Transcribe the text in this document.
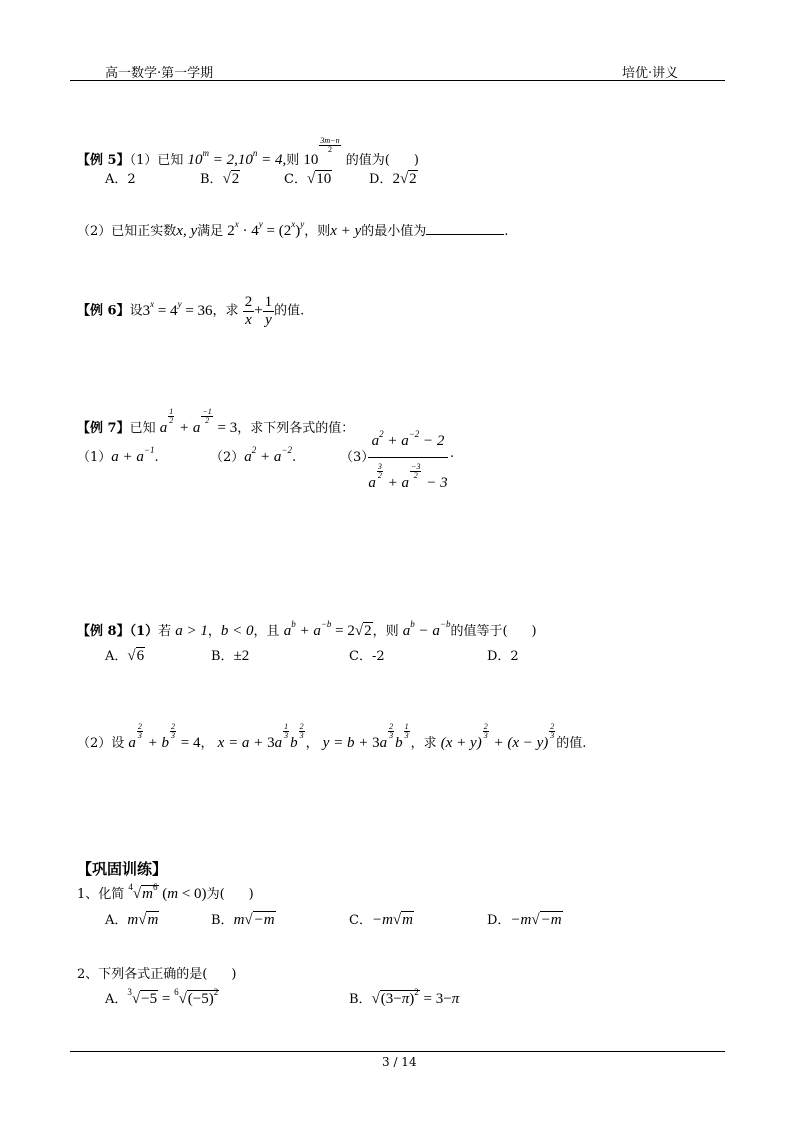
高一数学·第一学期	培优·讲义
【例 5】（1）已知 $10^m = 2,10^n = 4$,则 10
$\frac{3m-n}{2}$
的值为( )
A．2	B．√2	C．√10	D．2√2
（2）已知正实数x, y满足 $2^x \cdot 4^y = (2^x)^y$，则x + y的最小值为	.
【例 6】设$3^x = 4^y = 36$，求 $\frac{2}{x} + \frac{1}{y}$ 的值.
【例 7】已知 a
$\frac{1}{2}$
+ a
$\frac{-1}{2}$
= 3，求下列各式的值：
$(1)a + a^{-1}$.	$(2)a^2 + a^{-2}$.	（3）
$a^2 + a^{-2} - 2$
a
$\frac{3}{2}$
+ a
$\frac{-3}{2}$
− 3
.
【例 8】（1）若 a > 1，b < 0，且 $a^b + a^{-b} = 2√2$，则 $a^b - a^{-b}$的值等于( )
A．√6	B．±2	C．-2	D．2
（2）设 a
$\frac{2}{3}$
+ b
$\frac{2}{3}$
= 4， x = a + 3a
$\frac{1}{3}$
b
$\frac{2}{3}$
， y = b + 3a
$\frac{2}{3}$
b
$\frac{1}{3}$
，求 (x + y)
$\frac{2}{3}$
+ (x − y)
$\frac{2}{3}$
的值.
【巩固训练】
1、化简 $^4√m^6$ (m < 0)为( )
A．m√m	B．m√−m	C．−m√m	D．−m√−m
2、下列各式正确的是( )
A．$^3√-5 = ^6√(-5)^2$	B．$√(3-\pi)^2 = 3-\pi$
3 / 14
